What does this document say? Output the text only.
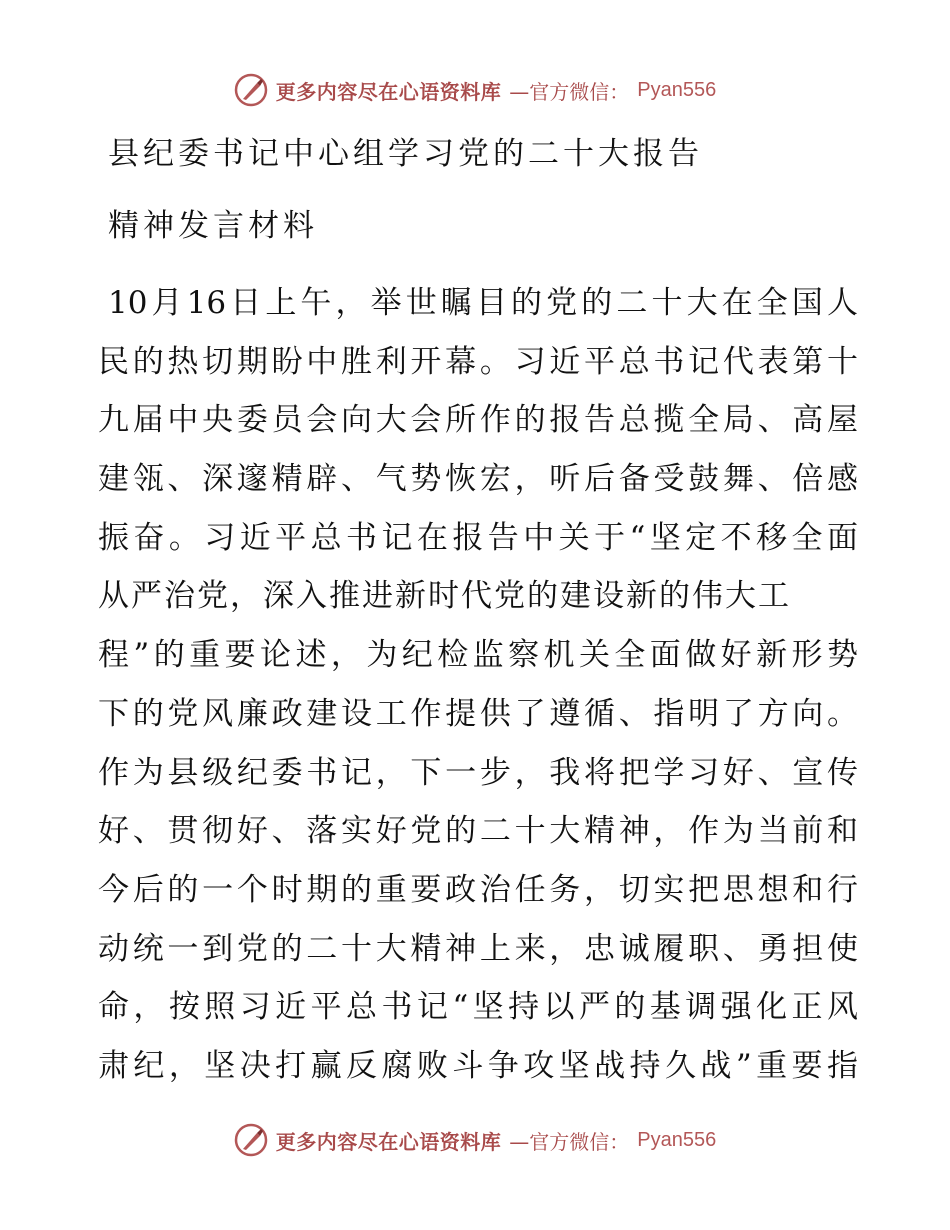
更多内容尽在心语资料库 —官方微信： Pyan556
县纪委书记中心组学习党的二十大报告
精神发言材料
10月16日上午，举世瞩目的党的二十大在全国人
民的热切期盼中胜利开幕。习近平总书记代表第十
九届中央委员会向大会所作的报告总揽全局、高屋
建瓴、深邃精辟、气势恢宏，听后备受鼓舞、倍感
振奋。习近平总书记在报告中关于“坚定不移全面
从严治党，深入推进新时代党的建设新的伟大工
程”的重要论述，为纪检监察机关全面做好新形势
下的党风廉政建设工作提供了遵循、指明了方向。
作为县级纪委书记，下一步，我将把学习好、宣传
好、贯彻好、落实好党的二十大精神，作为当前和
今后的一个时期的重要政治任务，切实把思想和行
动统一到党的二十大精神上来，忠诚履职、勇担使
命，按照习近平总书记“坚持以严的基调强化正风
肃纪，坚决打赢反腐败斗争攻坚战持久战”重要指
更多内容尽在心语资料库 —官方微信： Pyan556
